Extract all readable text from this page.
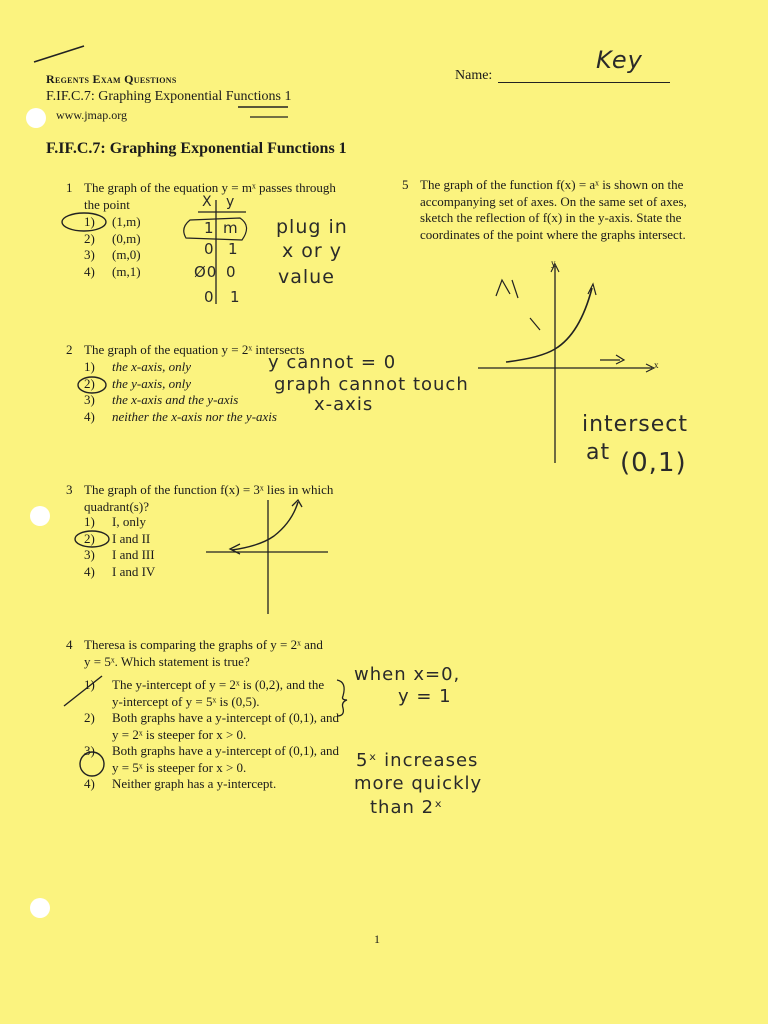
Regents Exam Questions
F.IF.C.7: Graphing Exponential Functions 1
www.jmap.org
Name:
Key
F.IF.C.7: Graphing Exponential Functions 1
1 The graph of the equation y = mˣ passes through
the point
1) (1,m)
2) (0,m)
3) (m,0)
4) (m,1)
X y
1 m
0 1
Ø0 0
0 1
plug in
x or y
value
2 The graph of the equation y = 2ˣ intersects
1) the x-axis, only
2) the y-axis, only
3) the x-axis and the y-axis
4) neither the x-axis nor the y-axis
y cannot = 0
graph cannot touch
x-axis
3 The graph of the function f(x) = 3ˣ lies in which
quadrant(s)?
1) I, only
2) I and II
3) I and III
4) I and IV
4 Theresa is comparing the graphs of y = 2ˣ and
y = 5ˣ. Which statement is true?
1) The y-intercept of y = 2ˣ is (0,2), and the
y-intercept of y = 5ˣ is (0,5).
2) Both graphs have a y-intercept of (0,1), and
y = 2ˣ is steeper for x > 0.
3) Both graphs have a y-intercept of (0,1), and
y = 5ˣ is steeper for x > 0.
4) Neither graph has a y-intercept.
when x=0,
y = 1
5ˣ increases
more quickly
than 2ˣ
5 The graph of the function f(x) = aˣ is shown on the
accompanying set of axes. On the same set of axes,
sketch the reflection of f(x) in the y-axis. State the
coordinates of the point where the graphs intersect.
y
x
intersect
at (0,1)
1
